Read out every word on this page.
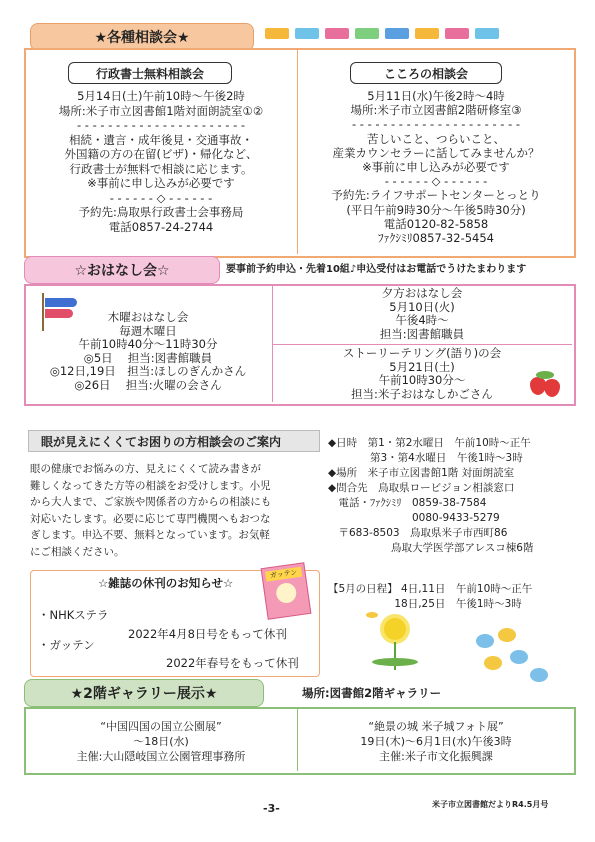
★各種相談会★
行政書士無料相談会
5月14日(土)午前10時～午後2時
場所:米子市立図書館1階対面朗読室①②
- - - - - - - - - - - - - - - - - - - - - -
相続・遺言・成年後見・交通事故・
外国籍の方の在留(ビザ)・帰化など、
行政書士が無料で相談に応じます。
※事前に申し込みが必要です
- - - - - - ◇ - - - - - -
予約先:鳥取県行政書士会事務局
電話0857-24-2744
こころの相談会
5月11日(水)午後2時～4時
場所:米子市立図書館2階研修室③
- - - - - - - - - - - - - - - - - - - - - -
苦しいこと、つらいこと、
産業カウンセラーに話してみませんか？
※事前に申し込みが必要です
- - - - - - ◇ - - - - - -
予約先:ライフサポートセンターとっとり
(平日午前9時30分～午後5時30分)
電話0120-82-5858
ﾌｧｸｼﾐﾘ0857-32-5454
☆おはなし会☆	要事前予約申込・先着10組♪申込受付はお電話でうけたまわります
木曜おはなし会
毎週木曜日
午前10時40分～11時30分
◎5日　 担当:図書館職員
◎12日,19日　担当:ほしのぎんかさん
◎26日　 担当:火曜の会さん
夕方おはなし会
5月10日(火)
午後4時～
担当:図書館職員
ストーリーテリング(語り)の会
5月21日(土)
午前10時30分～
担当:米子おはなしかごさん
眼が見えにくくてお困りの方相談会のご案内
眼の健康でお悩みの方、見えにくくて読み書きが
難しくなってきた方等の相談をお受けします。小児
から大人まで、ご家族や関係者の方からの相談にも
対応いたします。必要に応じて専門機関へもおつな
ぎします。申込不要、無料となっています。お気軽
にご相談ください。
◆日時　第1・第2水曜日　午前10時～正午
　　　　第3・第4水曜日　午後1時～3時
◆場所　米子市立図書館1階 対面朗読室
◆問合先　鳥取県ロービジョン相談窓口
　電話・ﾌｧｸｼﾐﾘ　0859-38-7584
　　　　　　　　0080-9433-5279
　〒683-8503　鳥取県米子市西町86
　　　　　　鳥取大学医学部アレスコ棟6階
【5月の日程】 4日,11日　午前10時～正午
　　　　　　 18日,25日　午後1時～3時
☆雑誌の休刊のお知らせ☆
・NHKステラ
2022年4月8日号をもって休刊
・ガッテン
2022年春号をもって休刊
ガッテン
★2階ギャラリー展示★	場所:図書館2階ギャラリー
“中国四国の国立公園展”
～18日(水)
主催:大山隠岐国立公園管理事務所
“絶景の城 米子城フォト展”
19日(木)～6月1日(水)午後3時
主催:米子市文化振興課
-3-	米子市立図書館だよりR4.5月号
